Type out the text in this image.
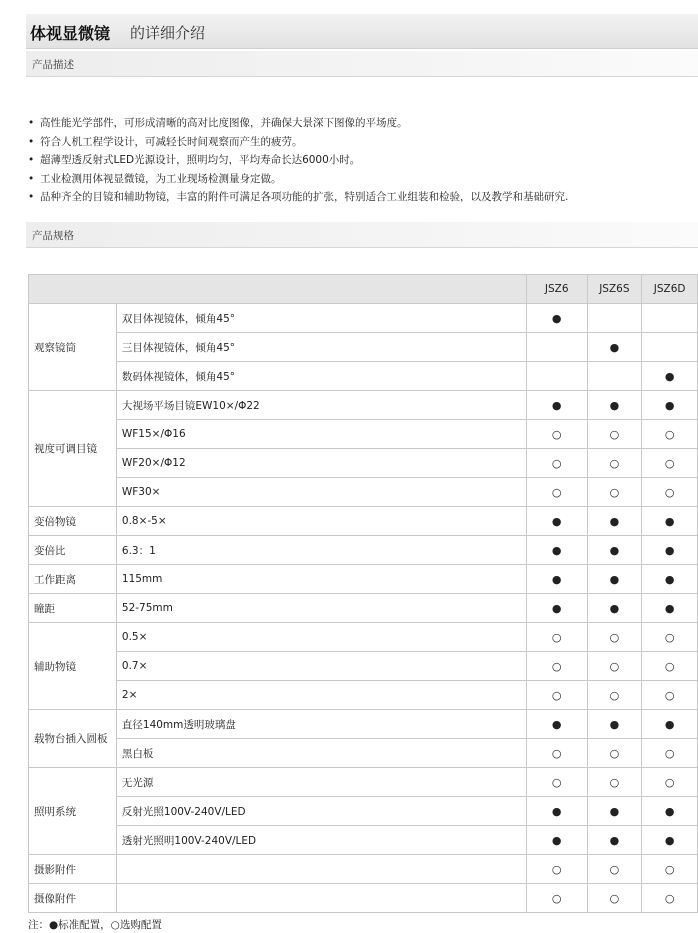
体视显微镜 的详细介绍
产品描述
• 高性能光学部件，可形成清晰的高对比度图像，并确保大景深下图像的平场度。
• 符合人机工程学设计，可减轻长时间观察而产生的疲劳。
• 超薄型透反射式LED光源设计，照明均匀，平均寿命长达6000小时。
• 工业检测用体视显微镜，为工业现场检测量身定做。
• 品种齐全的目镜和辅助物镜，丰富的附件可满足各项功能的扩张，特别适合工业组装和检验，以及教学和基础研究.
产品规格
		JSZ6	JSZ6S	JSZ6D
观察镜筒	双目体视镜体，倾角45°	●		
	三目体视镜体，倾角45°		●	
	数码体视镜体，倾角45°			●
视度可调目镜	大视场平场目镜EW10×/Φ22	●	●	●
	WF15×/Φ16	○	○	○
	WF20×/Φ12	○	○	○
	WF30×	○	○	○
变倍物镜	0.8×-5×	●	●	●
变倍比	6.3：1	●	●	●
工作距离	115mm	●	●	●
瞳距	52-75mm	●	●	●
辅助物镜	0.5×	○	○	○
	0.7×	○	○	○
	2×	○	○	○
载物台插入圆板	直径140mm透明玻璃盘	●	●	●
	黑白板	○	○	○
照明系统	无光源	○	○	○
	反射光照100V-240V/LED	●	●	●
	透射光照明100V-240V/LED	●	●	●
摄影附件		○	○	○
摄像附件		○	○	○
注：●标准配置，○选购配置
